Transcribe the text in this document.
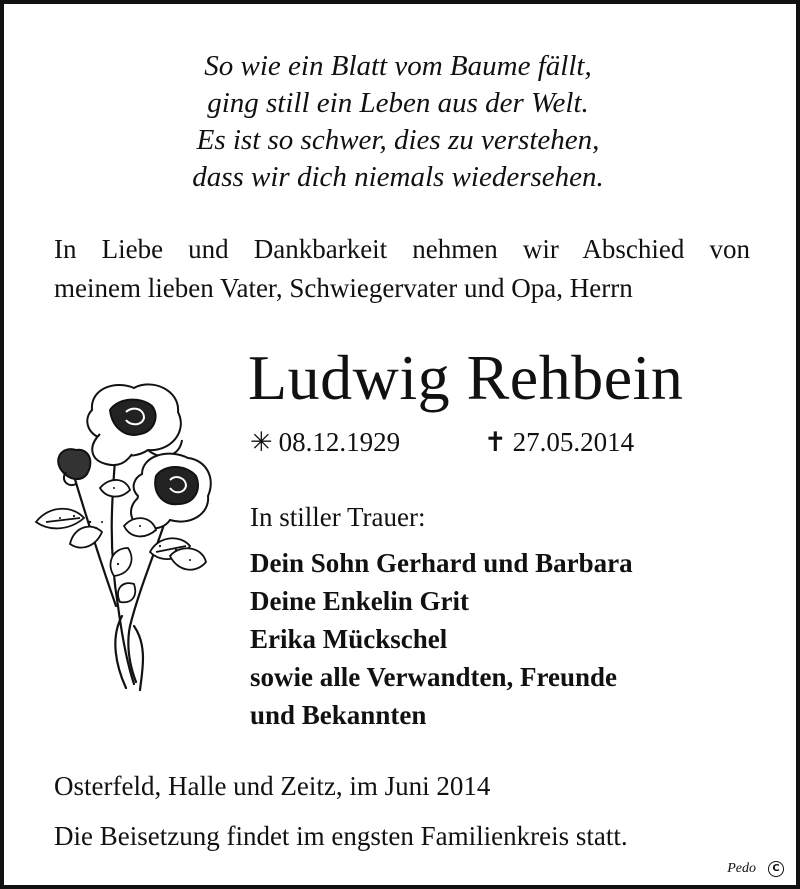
So wie ein Blatt vom Baume fällt,
ging still ein Leben aus der Welt.
Es ist so schwer, dies zu verstehen,
dass wir dich niemals wiedersehen.
In Liebe und Dankbarkeit nehmen wir Abschied von
meinem lieben Vater, Schwiegervater und Opa, Herrn
Ludwig Rehbein
✳ 08.12.1929	✝ 27.05.2014
In stiller Trauer:
Dein Sohn Gerhard und Barbara
Deine Enkelin Grit
Erika Mückschel
sowie alle Verwandten, Freunde
und Bekannten
Osterfeld, Halle und Zeitz, im Juni 2014
Die Beisetzung findet im engsten Familienkreis statt.
Pedo	C
